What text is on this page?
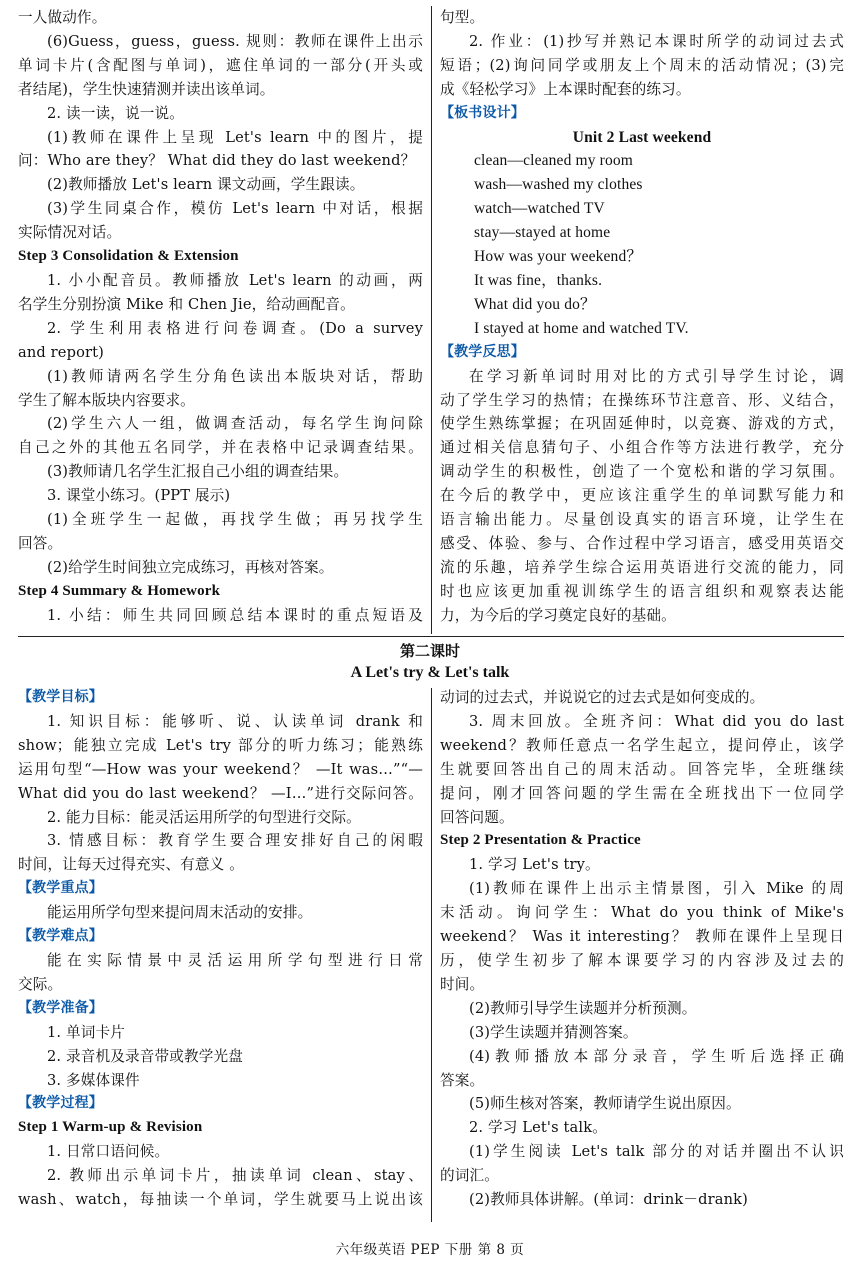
一人做动作。

(6)Guess，guess，guess. 规则：教师在课件上出示

单词卡片(含配图与单词)，遮住单词的一部分(开头或

者结尾)，学生快速猜测并读出该单词。

2. 读一读，说一说。

(1)教师在课件上呈现 Let's learn 中的图片，提

问：Who are they？ What did they do last weekend？

(2)教师播放 Let's learn 课文动画，学生跟读。

(3)学生同桌合作，模仿 Let's learn 中对话，根据

实际情况对话。

Step 3 Consolidation & Extension

1. 小小配音员。教师播放 Let's learn 的动画，两

名学生分别扮演 Mike 和 Chen Jie，给动画配音。

2. 学生利用表格进行问卷调查。(Do a survey

and report)

(1)教师请两名学生分角色读出本版块对话，帮助

学生了解本版块内容要求。

(2)学生六人一组，做调查活动，每名学生询问除

自己之外的其他五名同学，并在表格中记录调查结果。

(3)教师请几名学生汇报自己小组的调查结果。

3. 课堂小练习。(PPT 展示)

(1)全班学生一起做，再找学生做；再另找学生

回答。

(2)给学生时间独立完成练习，再核对答案。

Step 4 Summary & Homework

1. 小结：师生共同回顾总结本课时的重点短语及

句型。

2. 作业：(1)抄写并熟记本课时所学的动词过去式

短语；(2)询问同学或朋友上个周末的活动情况；(3)完

成《轻松学习》上本课时配套的练习。

【板书设计】

Unit 2 Last weekend

clean—cleaned my room

wash—washed my clothes

watch—watched TV

stay—stayed at home

How was your weekend？

It was fine，thanks.

What did you do？

I stayed at home and watched TV.

【教学反思】

在学习新单词时用对比的方式引导学生讨论，调

动了学生学习的热情；在操练环节注意音、形、义结合，

使学生熟练掌握；在巩固延伸时，以竞赛、游戏的方式，

通过相关信息猜句子、小组合作等方法进行教学，充分

调动学生的积极性，创造了一个宽松和谐的学习氛围。

在今后的教学中，更应该注重学生的单词默写能力和

语言输出能力。尽量创设真实的语言环境，让学生在

感受、体验、参与、合作过程中学习语言，感受用英语交

流的乐趣，培养学生综合运用英语进行交流的能力，同

时也应该更加重视训练学生的语言组织和观察表达能

力，为今后的学习奠定良好的基础。

第二课时
A Let's try & Let's talk

【教学目标】

1. 知识目标：能够听、说、认读单词 drank 和

show；能独立完成 Let's try 部分的听力练习；能熟练

运用句型“—How was your weekend？ —It was…”“—

What did you do last weekend？ —I…”进行交际问答。

2. 能力目标：能灵活运用所学的句型进行交际。

3. 情感目标：教育学生要合理安排好自己的闲暇

时间，让每天过得充实、有意义 。

【教学重点】

能运用所学句型来提问周末活动的安排。

【教学难点】

能在实际情景中灵活运用所学句型进行日常

交际。

【教学准备】

1. 单词卡片

2. 录音机及录音带或教学光盘

3. 多媒体课件

【教学过程】

Step 1 Warm-up & Revision

1. 日常口语问候。

2. 教师出示单词卡片，抽读单词 clean、stay、

wash、watch，每抽读一个单词，学生就要马上说出该

动词的过去式，并说说它的过去式是如何变成的。

3. 周末回放。全班齐问：What did you do last

weekend？教师任意点一名学生起立，提问停止，该学

生就要回答出自己的周末活动。回答完毕，全班继续

提问，刚才回答问题的学生需在全班找出下一位同学

回答问题。

Step 2 Presentation & Practice

1. 学习 Let's try。

(1)教师在课件上出示主情景图，引入 Mike 的周

末活动。询问学生：What do you think of Mike's

weekend？ Was it interesting？ 教师在课件上呈现日

历，使学生初步了解本课要学习的内容涉及过去的

时间。

(2)教师引导学生读题并分析预测。

(3)学生读题并猜测答案。

(4)教师播放本部分录音，学生听后选择正确

答案。

(5)师生核对答案，教师请学生说出原因。

2. 学习 Let's talk。

(1)学生阅读 Let's talk 部分的对话并圈出不认识

的词汇。

(2)教师具体讲解。(单词：drink－drank)

六年级英语 PEP 下册 第 8 页
